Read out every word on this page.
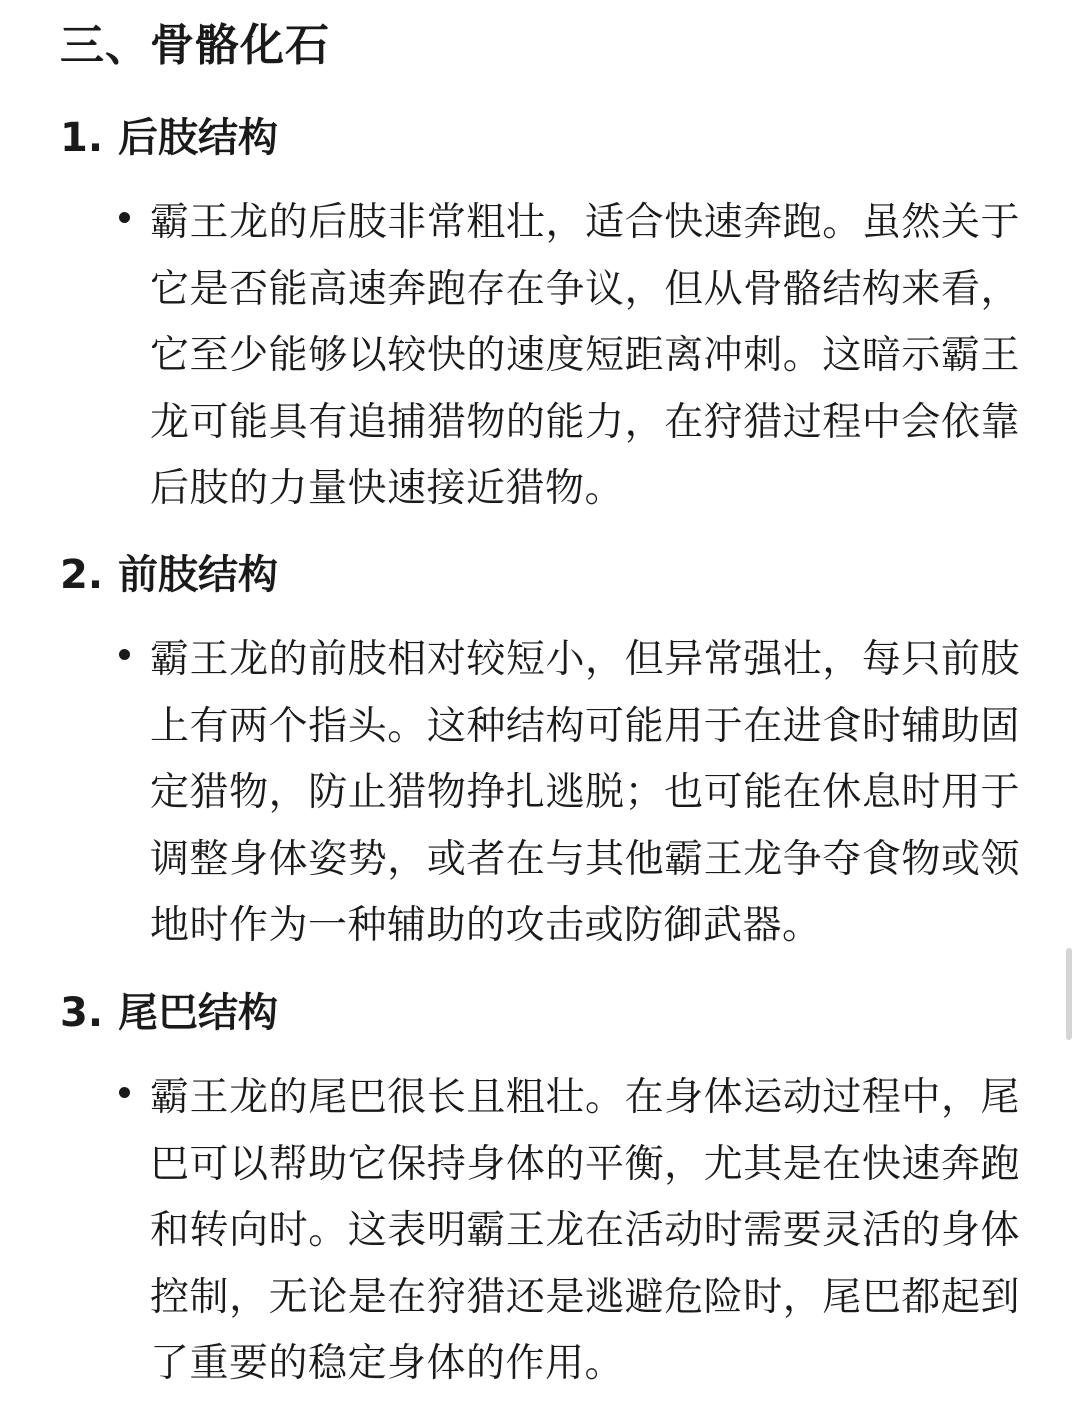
三、骨骼化石
1. 后肢结构

霸王龙的后肢非常粗壮，适合快速奔跑。虽然关于它是否能高速奔跑存在争议，但从骨骼结构来看，它至少能够以较快的速度短距离冲刺。这暗示霸王龙可能具有追捕猎物的能力，在狩猎过程中会依靠后肢的力量快速接近猎物。

2. 前肢结构

霸王龙的前肢相对较短小，但异常强壮，每只前肢上有两个指头。这种结构可能用于在进食时辅助固定猎物，防止猎物挣扎逃脱；也可能在休息时用于调整身体姿势，或者在与其他霸王龙争夺食物或领地时作为一种辅助的攻击或防御武器。

3. 尾巴结构

霸王龙的尾巴很长且粗壮。在身体运动过程中，尾巴可以帮助它保持身体的平衡，尤其是在快速奔跑和转向时。这表明霸王龙在活动时需要灵活的身体控制，无论是在狩猎还是逃避危险时，尾巴都起到了重要的稳定身体的作用。
